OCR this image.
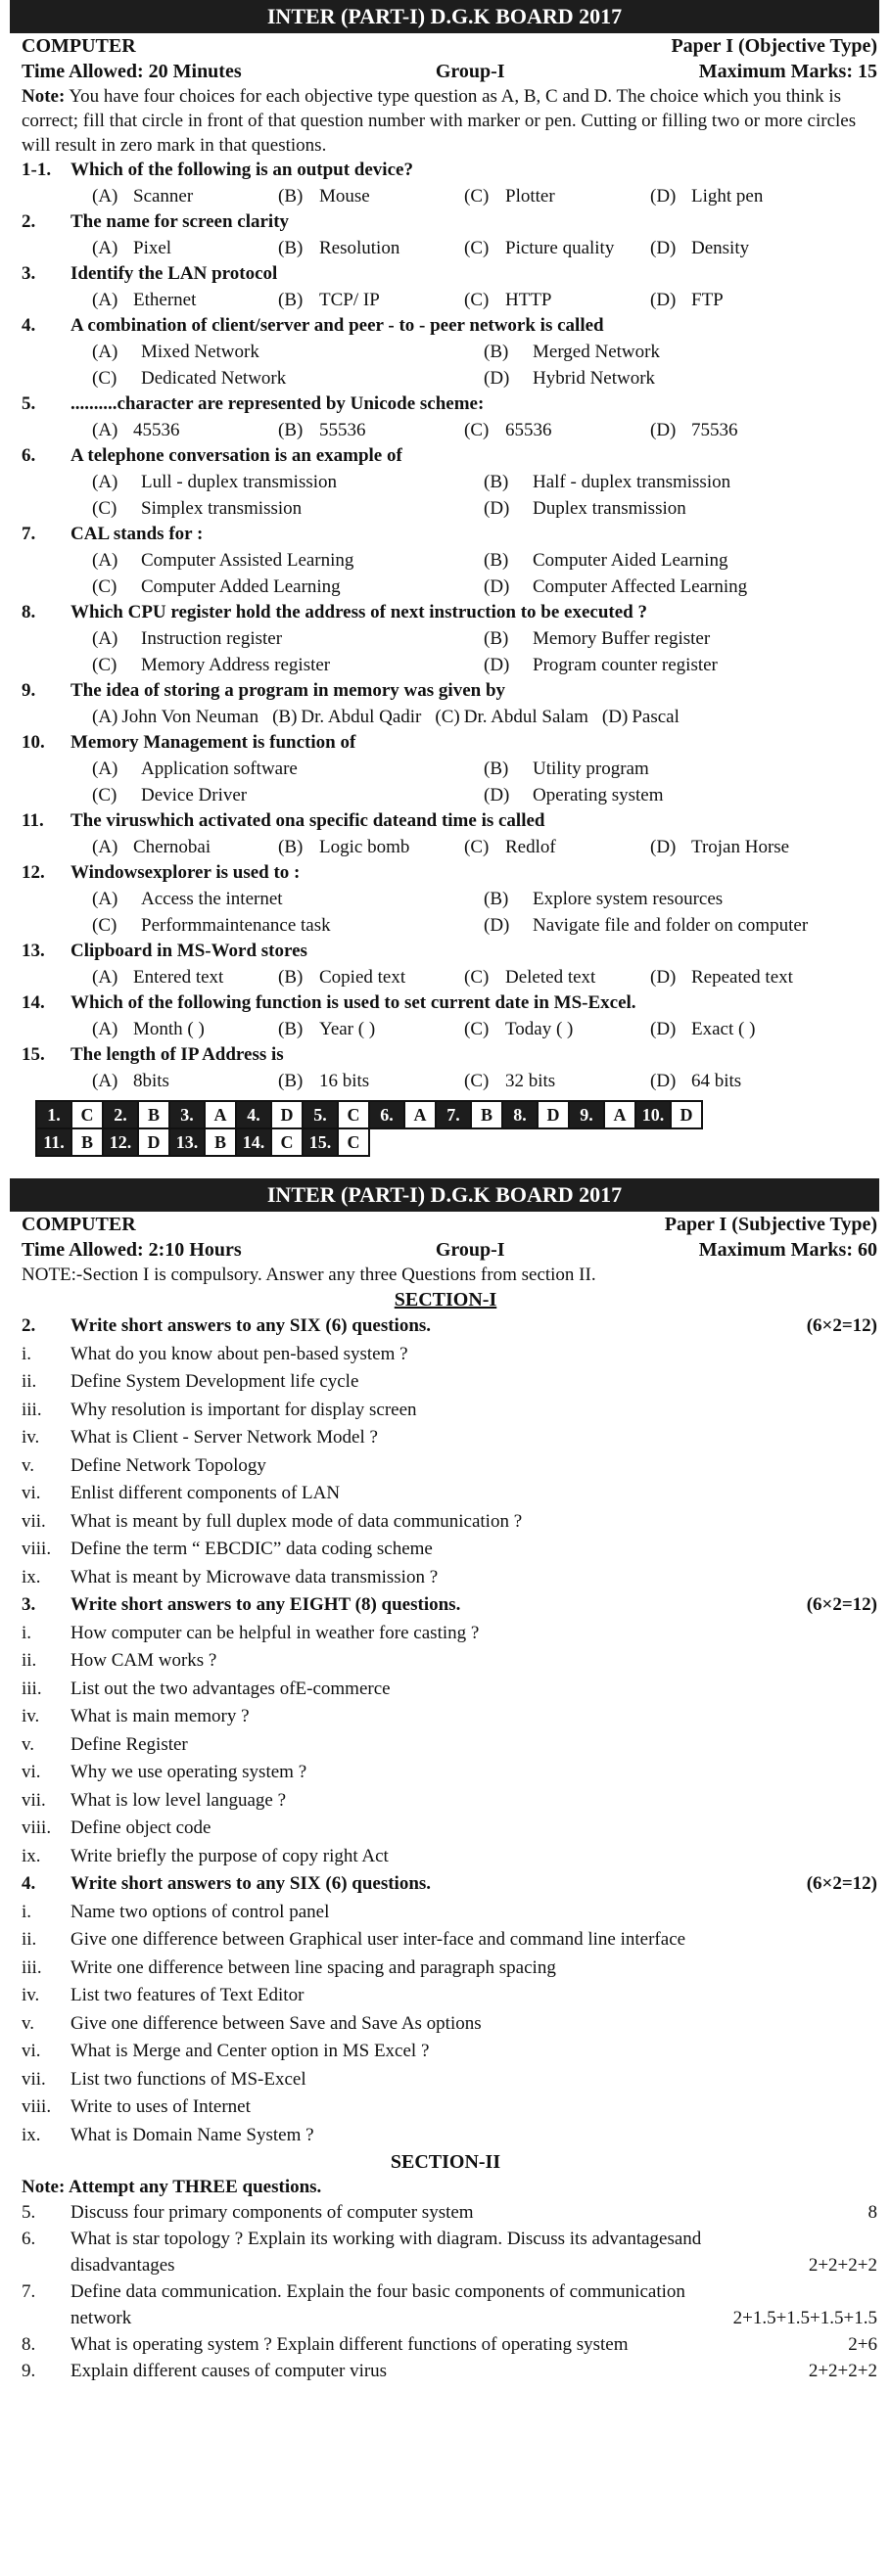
INTER (PART-I) D.G.K BOARD 2017
COMPUTER	Paper I (Objective Type)
Time Allowed: 20 Minutes	Group-I	Maximum Marks: 15
Note: You have four choices for each objective type question as A, B, C and D. The choice which you think is correct; fill that circle in front of that question number with marker or pen. Cutting or filling two or more circles will result in zero mark in that questions.
1-1.	Which of the following is an output device?
(A) Scanner	(B) Mouse	(C) Plotter	(D) Light pen
2.	The name for screen clarity
(A) Pixel	(B) Resolution	(C) Picture quality (D) Density
3.	Identify the LAN protocol
(A) Ethernet	(B) TCP/ IP	(C) HTTP	(D) FTP
4.	A combination of client/server and peer - to - peer network is called
(A)	Mixed Network	(B)	Merged Network
(C)	Dedicated Network	(D)	Hybrid Network
5.	..........character are represented by Unicode scheme:
(A) 45536	(B) 55536	(C) 65536	(D) 75536
6.	A telephone conversation is an example of
(A)	Lull - duplex transmission	(B)	Half - duplex transmission
(C)	Simplex transmission	(D)	Duplex transmission
7.	CAL stands for :
(A)	Computer Assisted Learning	(B)	Computer Aided Learning
(C)	Computer Added Learning	(D)	Computer Affected Learning
8.	Which CPU register hold the address of next instruction to be executed ?
(A)	Instruction register	(B)	Memory Buffer register
(C)	Memory Address register	(D)	Program counter register
9.	The idea of storing a program in memory was given by
(A) John Von Neuman (B) Dr. Abdul Qadir (C) Dr. Abdul Salam (D) Pascal
10.	Memory Management is function of
(A)	Application software	(B)	Utility program
(C)	Device Driver	(D)	Operating system
11.	The viruswhich activated ona specific dateand time is called
(A) Chernobai	(B) Logic bomb	(C) Redlof	(D) Trojan Horse
12.	Windowsexplorer is used to :
(A)	Access the internet	(B)	Explore system resources
(C)	Performmaintenance task	(D)	Navigate file and folder on computer
13.	Clipboard in MS-Word stores
(A) Entered text	(B) Copied text	(C) Deleted text	(D) Repeated text
14.	Which of the following function is used to set current date in MS-Excel.
(A) Month ( )	(B) Year ( )	(C) Today ( )	(D) Exact ( )
15.	The length of IP Address is
(A) 8bits	(B) 16 bits	(C) 32 bits	(D) 64 bits
1.	C	2.	B	3.	A	4.	D	5.	C	6.	A	7.	B	8.	D	9.	A	10.	D
11.	B	12.	D	13.	B	14.	C	15.	C										
INTER (PART-I) D.G.K BOARD 2017
COMPUTER	Paper I (Subjective Type)
Time Allowed: 2:10 Hours	Group-I	Maximum Marks: 60
NOTE:-Section I is compulsory. Answer any three Questions from section II.
SECTION-I
2.	Write short answers to any SIX (6) questions.	(6×2=12)
i.	What do you know about pen-based system ?
ii.	Define System Development life cycle
iii.	Why resolution is important for display screen
iv.	What is Client - Server Network Model ?
v.	Define Network Topology
vi.	Enlist different components of LAN
vii.	What is meant by full duplex mode of data communication ?
viii.	Define the term “ EBCDIC” data coding scheme
ix.	What is meant by Microwave data transmission ?
3.	Write short answers to any EIGHT (8) questions.	(6×2=12)
i.	How computer can be helpful in weather fore casting ?
ii.	How CAM works ?
iii.	List out the two advantages ofE-commerce
iv.	What is main memory ?
v.	Define Register
vi.	Why we use operating system ?
vii.	What is low level language ?
viii.	Define object code
ix.	Write briefly the purpose of copy right Act
4.	Write short answers to any SIX (6) questions.	(6×2=12)
i.	Name two options of control panel
ii.	Give one difference between Graphical user inter-face and command line interface
iii.	Write one difference between line spacing and paragraph spacing
iv.	List two features of Text Editor
v.	Give one difference between Save and Save As options
vi.	What is Merge and Center option in MS Excel ?
vii.	List two functions of MS-Excel
viii.	Write to uses of Internet
ix.	What is Domain Name System ?
SECTION-II
Note: Attempt any THREE questions.
5.	Discuss four primary components of computer system	8
6.	What is star topology ? Explain its working with diagram. Discuss its advantagesand
disadvantages	2+2+2+2
7.	Define data communication. Explain the four basic components of communication
network	2+1.5+1.5+1.5+1.5
8.	What is operating system ? Explain different functions of operating system	2+6
9.	Explain different causes of computer virus	2+2+2+2
